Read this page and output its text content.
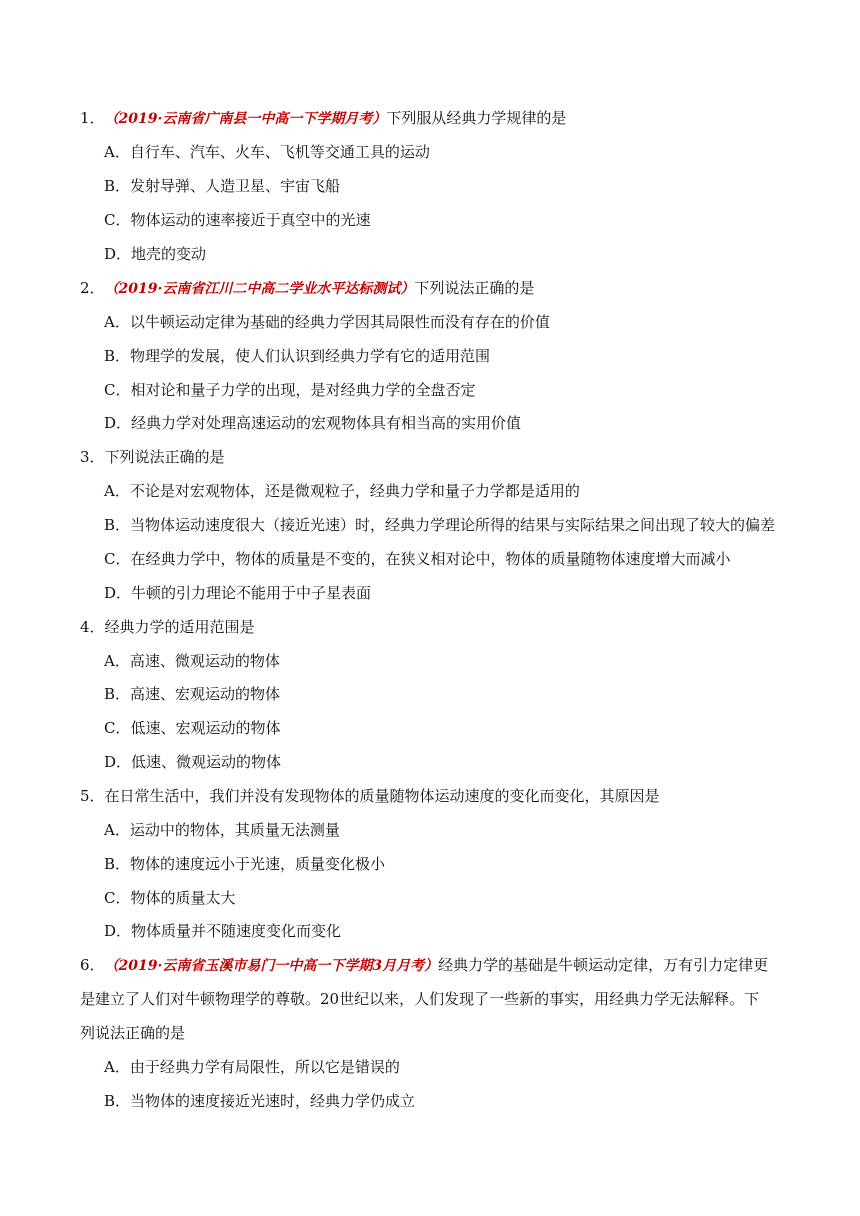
1．（2019·云南省广南县一中高一下学期月考）下列服从经典力学规律的是
A．自行车、汽车、火车、飞机等交通工具的运动
B．发射导弹、人造卫星、宇宙飞船
C．物体运动的速率接近于真空中的光速
D．地壳的变动
2．（2019·云南省江川二中高二学业水平达标测试）下列说法正确的是
A．以牛顿运动定律为基础的经典力学因其局限性而没有存在的价值
B．物理学的发展，使人们认识到经典力学有它的适用范围
C．相对论和量子力学的出现，是对经典力学的全盘否定
D．经典力学对处理高速运动的宏观物体具有相当高的实用价值
3．下列说法正确的是
A．不论是对宏观物体，还是微观粒子，经典力学和量子力学都是适用的
B．当物体运动速度很大（接近光速）时，经典力学理论所得的结果与实际结果之间出现了较大的偏差
C．在经典力学中，物体的质量是不变的，在狭义相对论中，物体的质量随物体速度增大而减小
D．牛顿的引力理论不能用于中子星表面
4．经典力学的适用范围是
A．高速、微观运动的物体
B．高速、宏观运动的物体
C．低速、宏观运动的物体
D．低速、微观运动的物体
5．在日常生活中，我们并没有发现物体的质量随物体运动速度的变化而变化，其原因是
A．运动中的物体，其质量无法测量
B．物体的速度远小于光速，质量变化极小
C．物体的质量太大
D．物体质量并不随速度变化而变化
6．（2019·云南省玉溪市易门一中高一下学期3月月考）经典力学的基础是牛顿运动定律，万有引力定律更
是建立了人们对牛顿物理学的尊敬。20世纪以来，人们发现了一些新的事实，用经典力学无法解释。下
列说法正确的是
A．由于经典力学有局限性，所以它是错误的
B．当物体的速度接近光速时，经典力学仍成立
